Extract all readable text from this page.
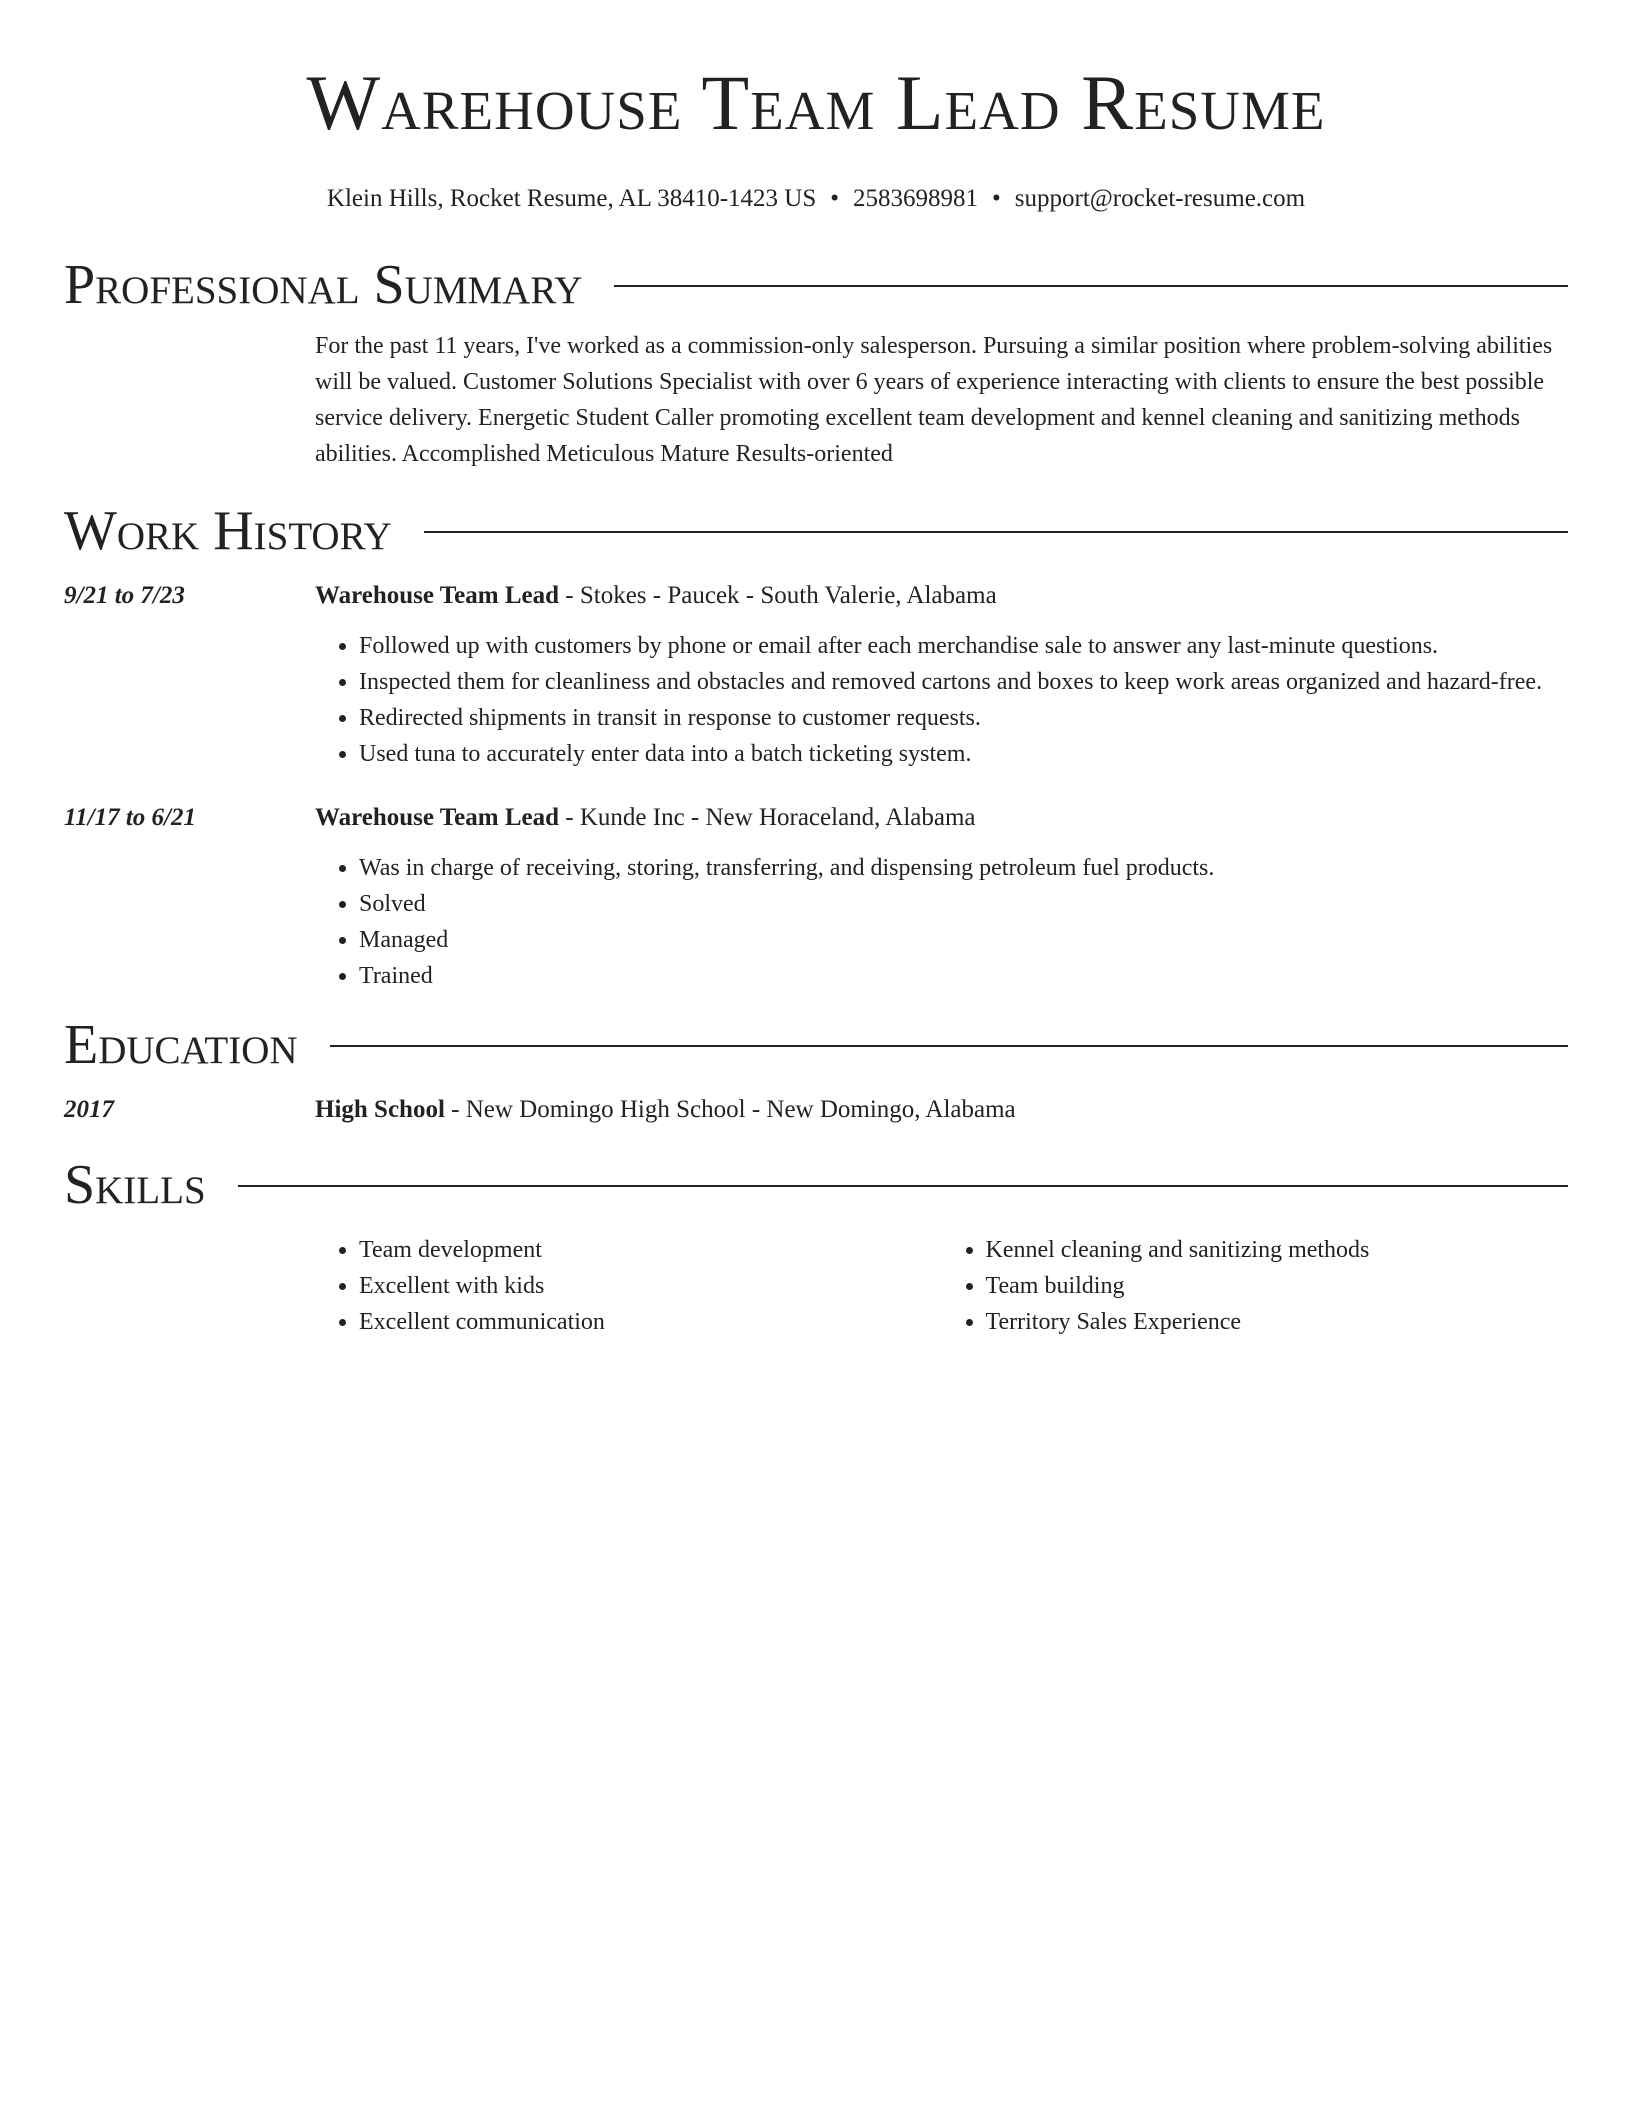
Warehouse Team Lead Resume
Klein Hills, Rocket Resume, AL 38410-1423 US • 2583698981 • support@rocket-resume.com
Professional Summary
For the past 11 years, I've worked as a commission-only salesperson. Pursuing a similar position where problem-solving abilities will be valued. Customer Solutions Specialist with over 6 years of experience interacting with clients to ensure the best possible service delivery. Energetic Student Caller promoting excellent team development and kennel cleaning and sanitizing methods abilities. Accomplished Meticulous Mature Results-oriented
Work History
9/21 to 7/23	Warehouse Team Lead - Stokes - Paucek - South Valerie, Alabama
• Followed up with customers by phone or email after each merchandise sale to answer any last-minute questions.
• Inspected them for cleanliness and obstacles and removed cartons and boxes to keep work areas organized and hazard-free.
• Redirected shipments in transit in response to customer requests.
• Used tuna to accurately enter data into a batch ticketing system.
11/17 to 6/21	Warehouse Team Lead - Kunde Inc - New Horaceland, Alabama
• Was in charge of receiving, storing, transferring, and dispensing petroleum fuel products.
• Solved
• Managed
• Trained
Education
2017	High School - New Domingo High School - New Domingo, Alabama
Skills
• Team development
• Excellent with kids
• Excellent communication
• Kennel cleaning and sanitizing methods
• Team building
• Territory Sales Experience
